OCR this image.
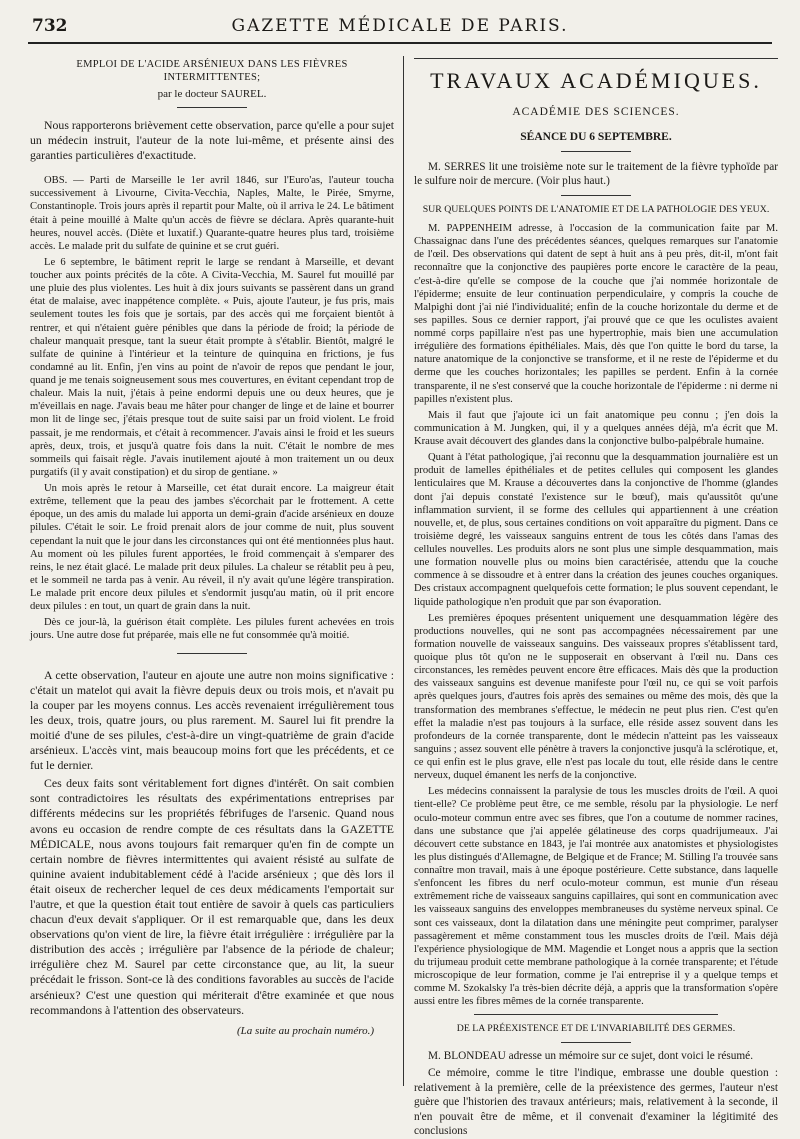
732	GAZETTE MÉDICALE DE PARIS.
EMPLOI DE L'ACIDE ARSÉNIEUX DANS LES FIÈVRES INTERMITTENTES;
par le docteur SAUREL.

Nous rapporterons brièvement cette observation, parce qu'elle a pour sujet un médecin instruit, l'auteur de la note lui-même, et présente ainsi des garanties particulières d'exactitude.

OBS. — Parti de Marseille le 1er avril 1846, sur l'Euro'as, l'auteur toucha successivement à Livourne, Civita-Vecchia, Naples, Malte, le Pirée, Smyrne, Constantinople. Trois jours après il repartit pour Malte, où il arriva le 24. Le bâtiment était à peine mouillé à Malte qu'un accès de fièvre se déclara. Après quarante-huit heures, nouvel accès. (Diète et luxatif.) Quarante-quatre heures plus tard, troisième accès. Le malade prit du sulfate de quinine et se crut guéri.

Le 6 septembre, le bâtiment reprit le large se rendant à Marseille, et devant toucher aux points précités de la côte. A Civita-Vecchia, M. Saurel fut mouillé par une pluie des plus violentes. Les huit à dix jours suivants se passèrent dans un grand état de malaise, avec inappétence complète. « Puis, ajoute l'auteur, je fus pris, mais seulement toutes les fois que je sortais, par des accès qui me forçaient bientôt à rentrer, et qui n'étaient guère pénibles que dans la période de froid; la période de chaleur manquait presque, tant la sueur était prompte à s'établir. Bientôt, malgré le sulfate de quinine à l'intérieur et la teinture de quinquina en frictions, je fus condamné au lit. Enfin, j'en vins au point de n'avoir de repos que pendant le jour, quand je me tenais soigneusement sous mes couvertures, en évitant cependant trop de chaleur. Mais la nuit, j'étais à peine endormi depuis une ou deux heures, que je m'éveillais en nage. J'avais beau me hâter pour changer de linge et de laine et bourrer mon lit de linge sec, j'étais presque tout de suite saisi par un froid violent. Le froid passait, je me rendormais, et c'était à recommencer. J'avais ainsi le froid et les sueurs après, deux, trois, et jusqu'à quatre fois dans la nuit. C'était le nombre de mes sommeils qui faisait règle. J'avais inutilement ajouté à mon traitement un ou deux purgatifs (il y avait constipation) et du sirop de gentiane. »

Un mois après le retour à Marseille, cet état durait encore. La maigreur était extrême, tellement que la peau des jambes s'écorchait par le frottement. A cette époque, un des amis du malade lui apporta un demi-grain d'acide arsénieux en douze pilules. C'était le soir. Le froid prenait alors de jour comme de nuit, plus souvent cependant la nuit que le jour dans les circonstances qui ont été mentionnées plus haut. Au moment où les pilules furent apportées, le froid commençait à s'emparer des reins, le nez était glacé. Le malade prit deux pilules. La chaleur se rétablit peu à peu, et le sommeil ne tarda pas à venir. Au réveil, il n'y avait qu'une légère transpiration. Le malade prit encore deux pilules et s'endormit jusqu'au matin, où il prit encore deux pilules : en tout, un quart de grain dans la nuit.

Dès ce jour-là, la guérison était complète. Les pilules furent achevées en trois jours. Une autre dose fut préparée, mais elle ne fut consommée qu'à moitié.

A cette observation, l'auteur en ajoute une autre non moins significative : c'était un matelot qui avait la fièvre depuis deux ou trois mois, et n'avait pu la couper par les moyens connus. Les accès revenaient irrégulièrement tous les deux, trois, quatre jours, ou plus rarement. M. Saurel lui fit prendre la moitié d'une de ses pilules, c'est-à-dire un vingt-quatrième de grain d'acide arsénieux. L'accès vint, mais beaucoup moins fort que les précédents, et ce fut le dernier.

Ces deux faits sont véritablement fort dignes d'intérêt. On sait combien sont contradictoires les résultats des expérimentations entreprises par différents médecins sur les propriétés fébrifuges de l'arsenic. Quand nous avons eu occasion de rendre compte de ces résultats dans la GAZETTE MÉDICALE, nous avons toujours fait remarquer qu'en fin de compte un certain nombre de fièvres intermittentes qui avaient résisté au sulfate de quinine avaient indubitablement cédé à l'acide arsénieux ; que dès lors il était oiseux de rechercher lequel de ces deux médicaments l'emportait sur l'autre, et que la question était tout entière de savoir à quels cas particuliers chacun d'eux devait s'appliquer. Or il est remarquable que, dans les deux observations qu'on vient de lire, la fièvre était irrégulière : irrégulière par la distribution des accès ; irrégulière par l'absence de la période de chaleur; irrégulière chez M. Saurel par cette circonstance que, au lit, la sueur précédait le frisson. Sont-ce là des conditions favorables au succès de l'acide arsénieux? C'est une question qui mériterait d'être examinée et que nous recommandons à l'attention des observateurs.

(La suite au prochain numéro.)
TRAVAUX ACADÉMIQUES.
ACADÉMIE DES SCIENCES.
SÉANCE DU 6 SEPTEMBRE.

M. SERRES lit une troisième note sur le traitement de la fièvre typhoïde par le sulfure noir de mercure. (Voir plus haut.)

SUR QUELQUES POINTS DE L'ANATOMIE ET DE LA PATHOLOGIE DES YEUX.

M. PAPPENHEIM adresse, à l'occasion de la communication faite par M. Chassaignac dans l'une des précédentes séances, quelques remarques sur l'anatomie de l'œil. Des observations qui datent de sept à huit ans à peu près, dit-il, m'ont fait reconnaître que la conjonctive des paupières porte encore le caractère de la peau, c'est-à-dire qu'elle se compose de la couche que j'ai nommée horizontale de l'épiderme; ensuite de leur continuation perpendiculaire, y compris la couche de Malpighi dont j'ai nié l'individualité; enfin de la couche horizontale du derme et de ses papilles. Sous ce dernier rapport, j'ai prouvé que ce que les oculistes avaient nommé corps papillaire n'est pas une hypertrophie, mais bien une accumulation irrégulière des formations épithéliales. Mais, dès que l'on quitte le bord du tarse, la nature anatomique de la conjonctive se transforme, et il ne reste de l'épiderme et du derme que les couches horizontales; les papilles se perdent. Enfin à la cornée transparente, il ne s'est conservé que la couche horizontale de l'épiderme : ni derme ni papilles n'existent plus.

Mais il faut que j'ajoute ici un fait anatomique peu connu ; j'en dois la communication à M. Jungken, qui, il y a quelques années déjà, m'a écrit que M. Krause avait découvert des glandes dans la conjonctive bulbo-palpébrale humaine.

Quant à l'état pathologique, j'ai reconnu que la desquammation journalière est un produit de lamelles épithéliales et de petites cellules qui composent les glandes lenticulaires que M. Krause a découvertes dans la conjonctive de l'homme (glandes dont j'ai depuis constaté l'existence sur le bœuf), mais qu'aussitôt qu'une inflammation survient, il se forme des cellules qui appartiennent à une création nouvelle, et, de plus, sous certaines conditions on voit apparaître du pigment. Dans ce troisième degré, les vaisseaux sanguins entrent de tous les côtés dans l'amas des cellules nouvelles. Les produits alors ne sont plus une simple desquammation, mais une formation nouvelle plus ou moins bien caractérisée, attendu que la couche commence à se dissoudre et à entrer dans la création des jeunes couches organiques. Des cristaux accompagnent quelquefois cette formation; le plus souvent cependant, le liquide pathologique n'en produit que par son évaporation.

Les premières époques présentent uniquement une desquammation légère des productions nouvelles, qui ne sont pas accompagnées nécessairement par une formation nouvelle de vaisseaux sanguins. Des vaisseaux propres s'établissent tard, quoique plus tôt qu'on ne le supposerait en observant à l'œil nu. Dans ces circonstances, les remèdes peuvent encore être efficaces. Mais dès que la production des vaisseaux sanguins est devenue manifeste pour l'œil nu, ce qui se voit parfois après quelques jours, d'autres fois après des semaines ou même des mois, dès que la transformation des membranes s'effectue, le médecin ne peut plus rien. C'est qu'en effet la maladie n'est pas toujours à la surface, elle réside assez souvent dans les profondeurs de la cornée transparente, dont le médecin n'atteint pas les vaisseaux sanguins ; assez souvent elle pénètre à travers la conjonctive jusqu'à la sclérotique, et, ce qui enfin est le plus grave, elle n'est pas locale du tout, elle réside dans le centre nerveux, duquel émanent les nerfs de la conjonctive.

Les médecins connaissent la paralysie de tous les muscles droits de l'œil. A quoi tient-elle? Ce problème peut être, ce me semble, résolu par la physiologie. Le nerf oculo-moteur commun entre avec ses fibres, que l'on a coutume de nommer racines, dans une substance que j'ai appelée gélatineuse des corps quadrijumeaux. J'ai découvert cette substance en 1843, je l'ai montrée aux anatomistes et physiologistes les plus distingués d'Allemagne, de Belgique et de France; M. Stilling l'a trouvée sans connaître mon travail, mais à une époque postérieure. Cette substance, dans laquelle s'enfoncent les fibres du nerf oculo-moteur commun, est munie d'un réseau extrêmement riche de vaisseaux sanguins capillaires, qui sont en communication avec les vaisseaux sanguins des enveloppes membraneuses du système nerveux spinal. Ce sont ces vaisseaux, dont la dilatation dans une méningite peut comprimer, paralyser passagèrement et même constamment tous les muscles droits de l'œil. Mais déjà l'expérience physiologique de MM. Magendie et Longet nous a appris que la section du trijumeau produit cette membrane pathologique à la cornée transparente; et l'étude microscopique de leur formation, comme je l'ai entreprise il y a quelque temps et comme M. Szokalsky l'a très-bien décrite déjà, a appris que la transformation s'opère aussi entre les fibres mêmes de la cornée transparente.

DE LA PRÉEXISTENCE ET DE L'INVARIABILITÉ DES GERMES.

M. BLONDEAU adresse un mémoire sur ce sujet, dont voici le résumé.

Ce mémoire, comme le titre l'indique, embrasse une double question : relativement à la première, celle de la préexistence des germes, l'auteur n'est guère que l'historien des travaux antérieurs; mais, relativement à la seconde, il n'en pouvait être de même, et il convenait d'examiner la légitimité des conclusions
